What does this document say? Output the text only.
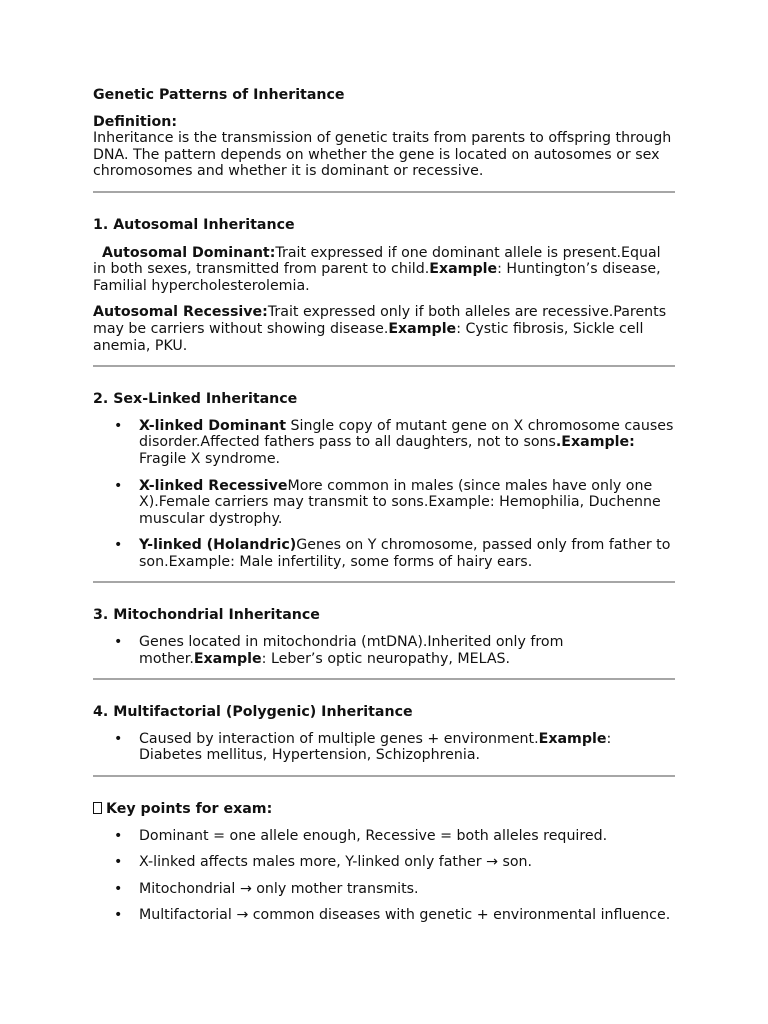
Genetic Patterns of Inheritance
Definition:

Inheritance is the transmission of genetic traits from parents to offspring through DNA. The pattern depends on whether the gene is located on autosomes or sex chromosomes and whether it is dominant or recessive.

1. Autosomal Inheritance

Autosomal Dominant:Trait expressed if one dominant allele is present.Equal in both sexes, transmitted from parent to child.Example: Huntington’s disease, Familial hypercholesterolemia.

Autosomal Recessive:Trait expressed only if both alleles are recessive.Parents may be carriers without showing disease.Example: Cystic fibrosis, Sickle cell anemia, PKU.

2. Sex-Linked Inheritance
• X-linked Dominant Single copy of mutant gene on X chromosome causes disorder.Affected fathers pass to all daughters, not to sons.Example: Fragile X syndrome.
• X-linked RecessiveMore common in males (since males have only one X).Female carriers may transmit to sons.Example: Hemophilia, Duchenne muscular dystrophy.
• Y-linked (Holandric)Genes on Y chromosome, passed only from father to son.Example: Male infertility, some forms of hairy ears.
3. Mitochondrial Inheritance
• Genes located in mitochondria (mtDNA).Inherited only from mother.Example: Leber’s optic neuropathy, MELAS.
4. Multifactorial (Polygenic) Inheritance
• Caused by interaction of multiple genes + environment.Example: Diabetes mellitus, Hypertension, Schizophrenia.
Key points for exam:
• Dominant = one allele enough, Recessive = both alleles required.
• X-linked affects males more, Y-linked only father → son.
• Mitochondrial → only mother transmits.
• Multifactorial → common diseases with genetic + environmental influence.
